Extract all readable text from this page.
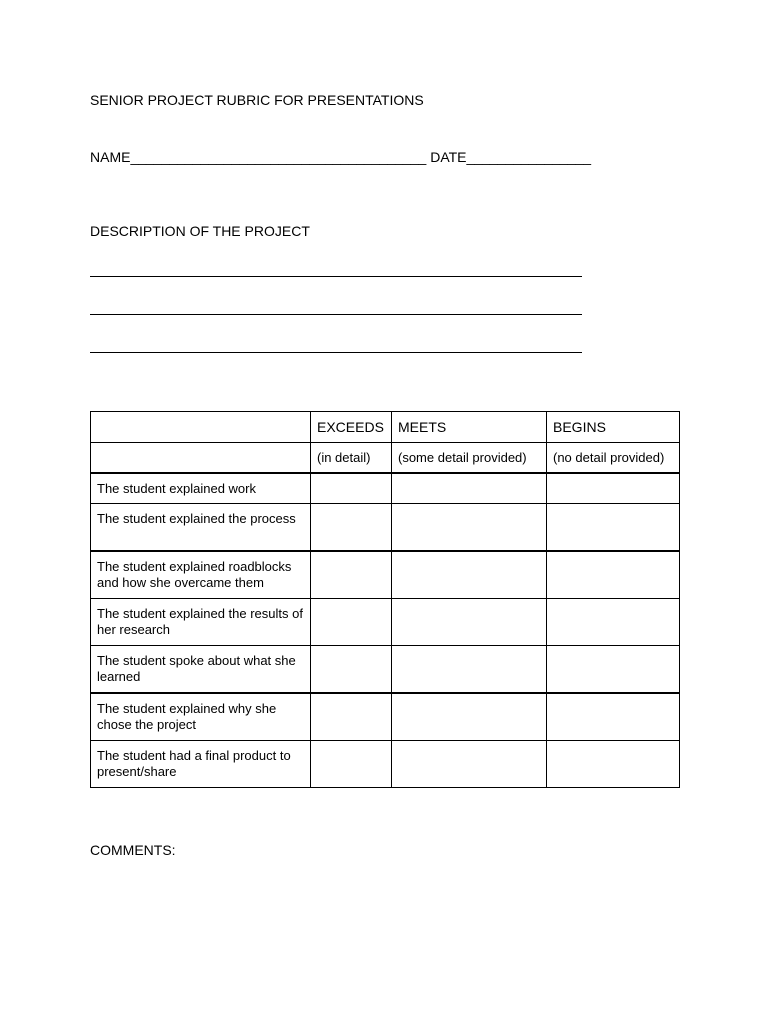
SENIOR PROJECT RUBRIC FOR PRESENTATIONS
NAME______________________________________ DATE________________
DESCRIPTION OF THE PROJECT
	EXCEEDS	MEETS	BEGINS
	(in detail)	(some detail provided)	(no detail provided)
The student explained work			
The student explained the process			
The student explained roadblocks and how she overcame them			
The student explained the results of her research			
The student spoke about what she learned			
The student explained why she chose the project			
The student had a final product to present/share			
COMMENTS:
